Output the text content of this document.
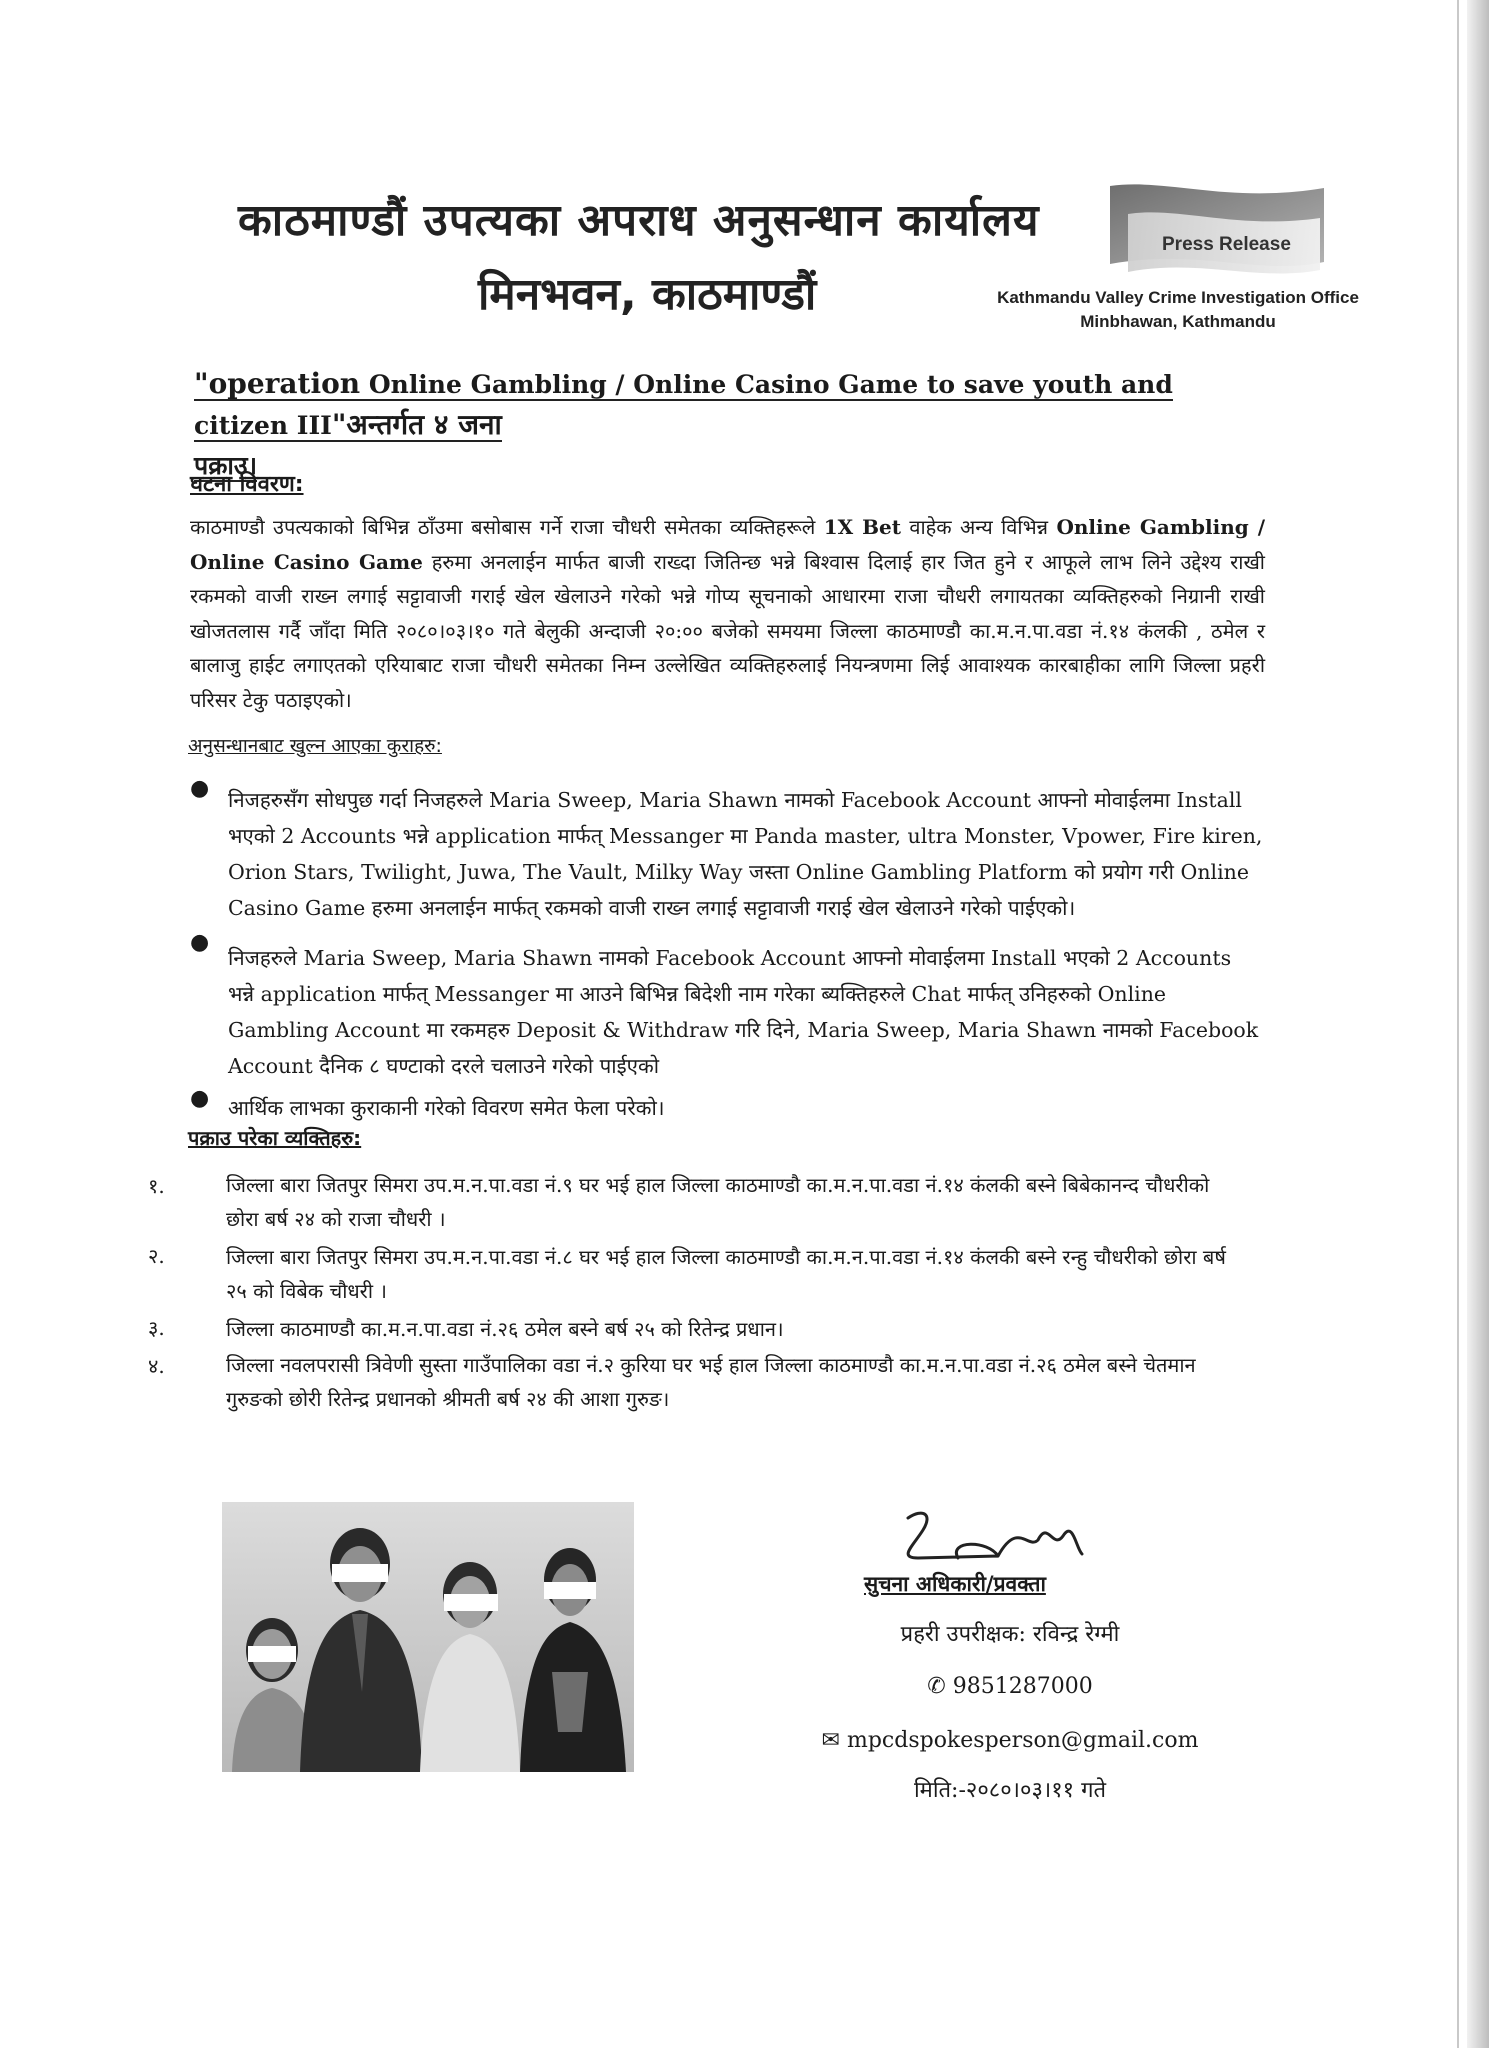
काठमाण्डौं उपत्यका अपराध अनुसन्धान कार्यालय
मिनभवन, काठमाण्डौं
Press Release
Kathmandu Valley Crime Investigation Office
Minbhawan, Kathmandu
"operation Online Gambling / Online Casino Game to save youth and citizen III"अन्तर्गत ४ जना
पक्राउ।
घटना विवरण:
काठमाण्डौ उपत्यकाको बिभिन्न ठाँउमा बसोबास गर्ने राजा चौधरी समेतका व्यक्तिहरूले 1X Bet वाहेक अन्य विभिन्न Online Gambling / Online Casino Game हरुमा अनलाईन मार्फत बाजी राख्दा जितिन्छ भन्ने बिश्वास दिलाई हार जित हुने र आफूले लाभ लिने उद्देश्य राखी रकमको वाजी राख्न लगाई सट्टावाजी गराई खेल खेलाउने गरेको भन्ने गोप्य सूचनाको आधारमा राजा चौधरी लगायतका व्यक्तिहरुको निग्रानी राखी खोजतलास गर्दै जाँदा मिति २०८०।०३।१० गते बेलुकी अन्दाजी २०:०० बजेको समयमा जिल्ला काठमाण्डौ का.म.न.पा.वडा नं.१४ कंलकी , ठमेल र बालाजु हाईट लगाएतको एरियाबाट राजा चौधरी समेतका निम्न उल्लेखित व्यक्तिहरुलाई नियन्त्रणमा लिई आवाश्यक कारबाहीका लागि जिल्ला प्रहरी परिसर टेकु पठाइएको।
अनुसन्धानबाट खुल्न आएका कुराहरु:
● निजहरुसँग सोधपुछ गर्दा निजहरुले Maria Sweep, Maria Shawn नामको Facebook Account आफ्नो मोवाईलमा Install भएको 2 Accounts भन्ने application मार्फत् Messanger मा Panda master, ultra Monster, Vpower, Fire kiren, Orion Stars, Twilight, Juwa, The Vault, Milky Way जस्ता Online Gambling Platform को प्रयोग गरी Online Casino Game हरुमा अनलाईन मार्फत् रकमको वाजी राख्न लगाई सट्टावाजी गराई खेल खेलाउने गरेको पाईएको।
●
निजहरुले Maria Sweep, Maria Shawn नामको Facebook Account आफ्नो मोवाईलमा Install भएको 2 Accounts भन्ने application मार्फत् Messanger मा आउने बिभिन्न बिदेशी नाम गरेका ब्यक्तिहरुले Chat मार्फत् उनिहरुको Online Gambling Account मा रकमहरु Deposit & Withdraw गरि दिने, Maria Sweep, Maria Shawn नामको Facebook Account दैनिक ८ घण्टाको दरले चलाउने गरेको पाईएको
● आर्थिक लाभका कुराकानी गरेको विवरण समेत फेला परेको।
पक्राउ परेका व्यक्तिहरु:
१.	जिल्ला बारा जितपुर सिमरा उप.म.न.पा.वडा नं.९ घर भई हाल जिल्ला काठमाण्डौ का.म.न.पा.वडा नं.१४ कंलकी बस्ने बिबेकानन्द चौधरीको छोरा बर्ष २४ को राजा चौधरी ।
२.	जिल्ला बारा जितपुर सिमरा उप.म.न.पा.वडा नं.८ घर भई हाल जिल्ला काठमाण्डौ का.म.न.पा.वडा नं.१४ कंलकी बस्ने रन्हु चौधरीको छोरा बर्ष २५ को विबेक चौधरी ।
३.	जिल्ला काठमाण्डौ का.म.न.पा.वडा नं.२६ ठमेल बस्ने बर्ष २५ को रितेन्द्र प्रधान।
४.	जिल्ला नवलपरासी त्रिवेणी सुस्ता गाउँपालिका वडा नं.२ कुरिया घर भई हाल जिल्ला काठमाण्डौ का.म.न.पा.वडा नं.२६ ठमेल बस्ने चेतमान गुरुङको छोरी रितेन्द्र प्रधानको श्रीमती बर्ष २४ की आशा गुरुङ।
सुचना अधिकारी/प्रवक्ता
प्रहरी उपरीक्षक: रविन्द्र रेग्मी
✆ 9851287000
✉ mpcdspokesperson@gmail.com
मिति:-२०८०।०३।११ गते
